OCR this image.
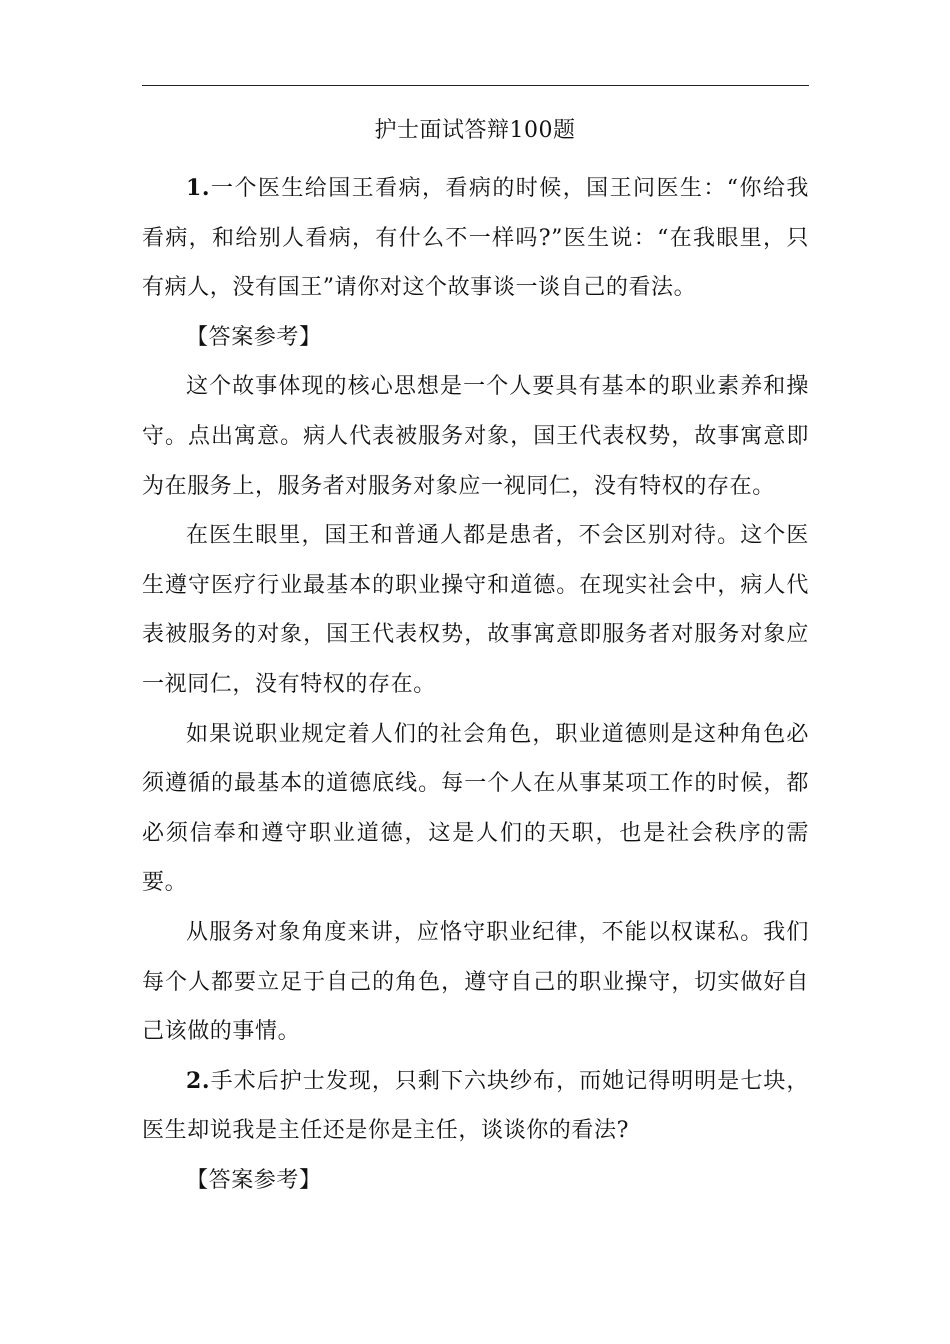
护士面试答辩100题

1.一个医生给国王看病，看病的时候，国王问医生：“你给我看病，和给别人看病，有什么不一样吗?”医生说：“在我眼里，只有病人，没有国王”请你对这个故事谈一谈自己的看法。

【答案参考】

这个故事体现的核心思想是一个人要具有基本的职业素养和操守。点出寓意。病人代表被服务对象，国王代表权势，故事寓意即为在服务上，服务者对服务对象应一视同仁，没有特权的存在。

在医生眼里，国王和普通人都是患者，不会区别对待。这个医生遵守医疗行业最基本的职业操守和道德。在现实社会中，病人代表被服务的对象，国王代表权势，故事寓意即服务者对服务对象应一视同仁，没有特权的存在。

如果说职业规定着人们的社会角色，职业道德则是这种角色必须遵循的最基本的道德底线。每一个人在从事某项工作的时候，都必须信奉和遵守职业道德，这是人们的天职，也是社会秩序的需要。

从服务对象角度来讲，应恪守职业纪律，不能以权谋私。我们每个人都要立足于自己的角色，遵守自己的职业操守，切实做好自己该做的事情。

2.手术后护士发现，只剩下六块纱布，而她记得明明是七块，医生却说我是主任还是你是主任，谈谈你的看法?

【答案参考】
